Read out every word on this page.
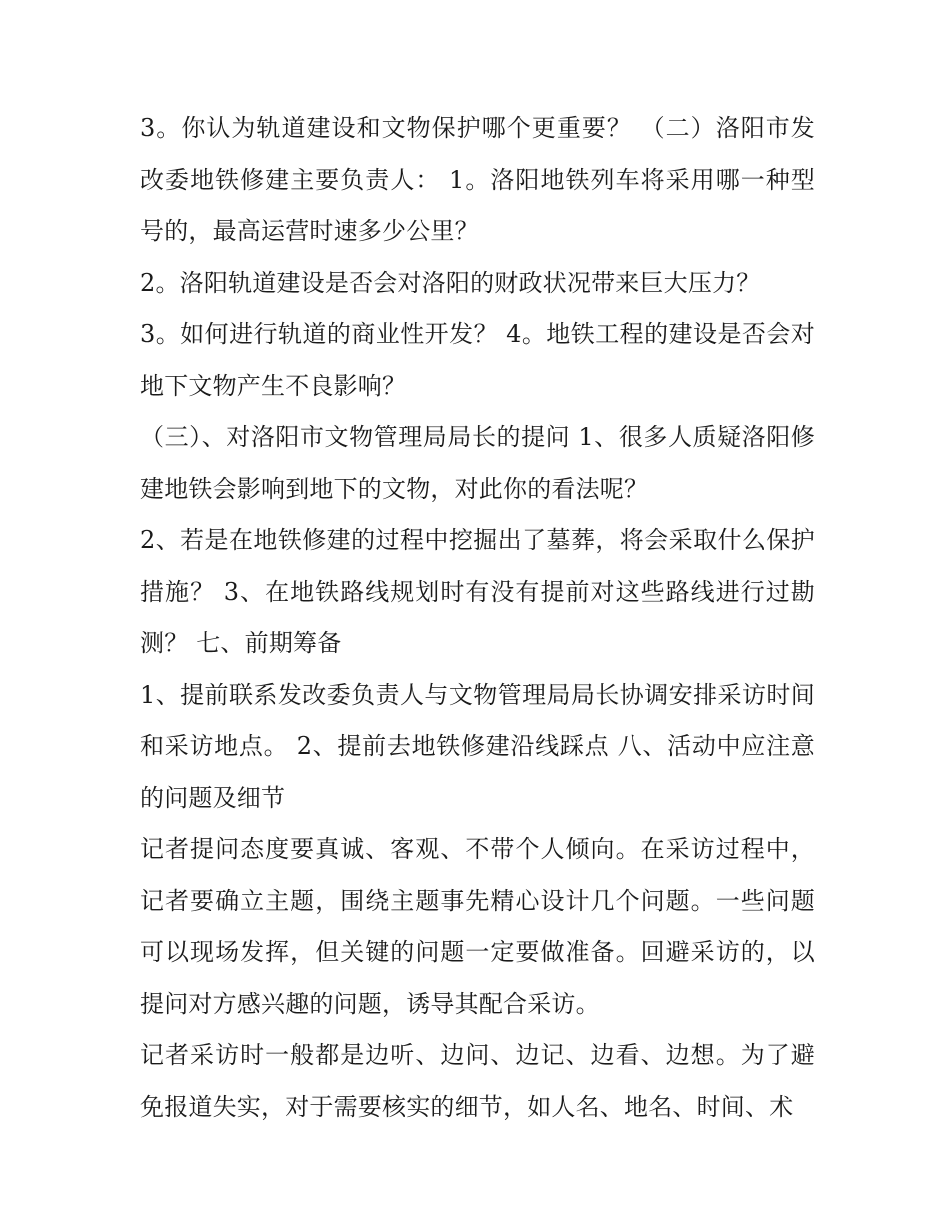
3。你认为轨道建设和文物保护哪个更重要？ （二）洛阳市发改委地铁修建主要负责人： 1。洛阳地铁列车将采用哪一种型号的，最高运营时速多少公里？

2。洛阳轨道建设是否会对洛阳的财政状况带来巨大压力？

3。如何进行轨道的商业性开发？ 4。地铁工程的建设是否会对地下文物产生不良影响？

（三）、对洛阳市文物管理局局长的提问 1、很多人质疑洛阳修建地铁会影响到地下的文物，对此你的看法呢？

2、若是在地铁修建的过程中挖掘出了墓葬，将会采取什么保护措施？ 3、在地铁路线规划时有没有提前对这些路线进行过勘测？ 七、前期筹备

1、提前联系发改委负责人与文物管理局局长协调安排采访时间和采访地点。 2、提前去地铁修建沿线踩点 八、活动中应注意的问题及细节

记者提问态度要真诚、客观、不带个人倾向。在采访过程中，记者要确立主题，围绕主题事先精心设计几个问题。一些问题可以现场发挥，但关键的问题一定要做准备。回避采访的，以提问对方感兴趣的问题，诱导其配合采访。

记者采访时一般都是边听、边问、边记、边看、边想。为了避免报道失实，对于需要核实的细节，如人名、地名、时间、术
